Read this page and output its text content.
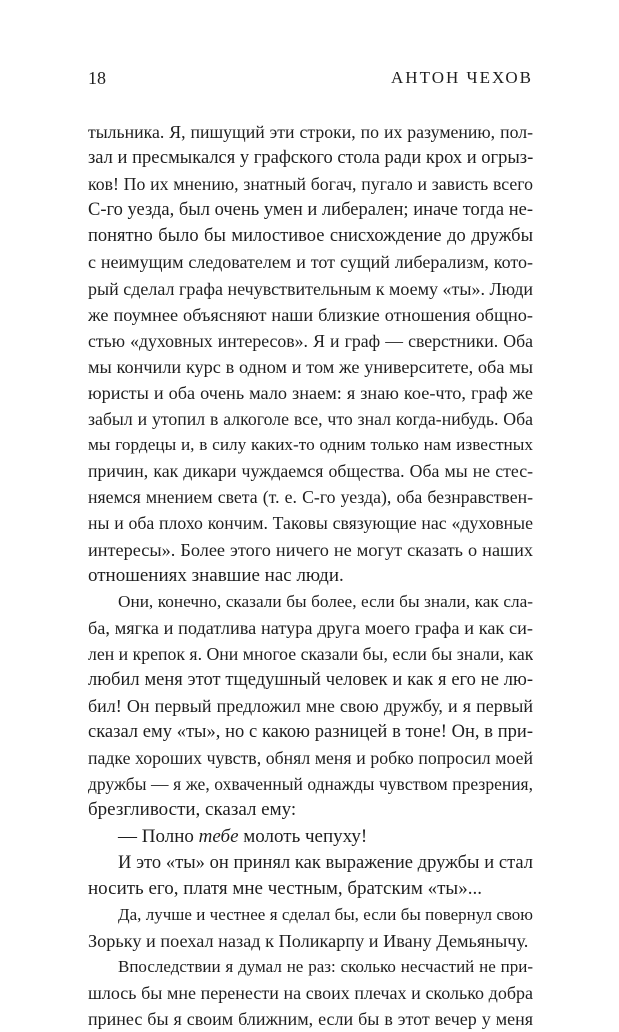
18	АНТОН ЧЕХОВ
тыльника. Я, пишущий эти строки, по их разумению, пол-
зал и пресмыкался у графского стола ради крох и огрыз-
ков! По их мнению, знатный богач, пугало и зависть всего
С-го уезда, был очень умен и либерален; иначе тогда не-
понятно было бы милостивое снисхождение до дружбы
с неимущим следователем и тот сущий либерализм, кото-
рый сделал графа нечувствительным к моему «ты». Люди
же поумнее объясняют наши близкие отношения общно-
стью «духовных интересов». Я и граф — сверстники. Оба
мы кончили курс в одном и том же университете, оба мы
юристы и оба очень мало знаем: я знаю кое-что, граф же
забыл и утопил в алкоголе все, что знал когда-нибудь. Оба
мы гордецы и, в силу каких-то одним только нам известных
причин, как дикари чуждаемся общества. Оба мы не стес-
няемся мнением света (т. е. С-го уезда), оба безнравствен-
ны и оба плохо кончим. Таковы связующие нас «духовные
интересы». Более этого ничего не могут сказать о наших
отношениях знавшие нас люди.
Они, конечно, сказали бы более, если бы знали, как сла-
ба, мягка и податлива натура друга моего графа и как си-
лен и крепок я. Они многое сказали бы, если бы знали, как
любил меня этот тщедушный человек и как я его не лю-
бил! Он первый предложил мне свою дружбу, и я первый
сказал ему «ты», но с какою разницей в тоне! Он, в при-
падке хороших чувств, обнял меня и робко попросил моей
дружбы — я же, охваченный однажды чувством презрения,
брезгливости, сказал ему:
— Полно тебе молоть чепуху!
И это «ты» он принял как выражение дружбы и стал
носить его, платя мне честным, братским «ты»...
Да, лучше и честнее я сделал бы, если бы повернул свою
Зорьку и поехал назад к Поликарпу и Ивану Демьянычу.
Впоследствии я думал не раз: сколько несчастий не при-
шлось бы мне перенести на своих плечах и сколько добра
принес бы я своим ближним, если бы в этот вечер у меня
